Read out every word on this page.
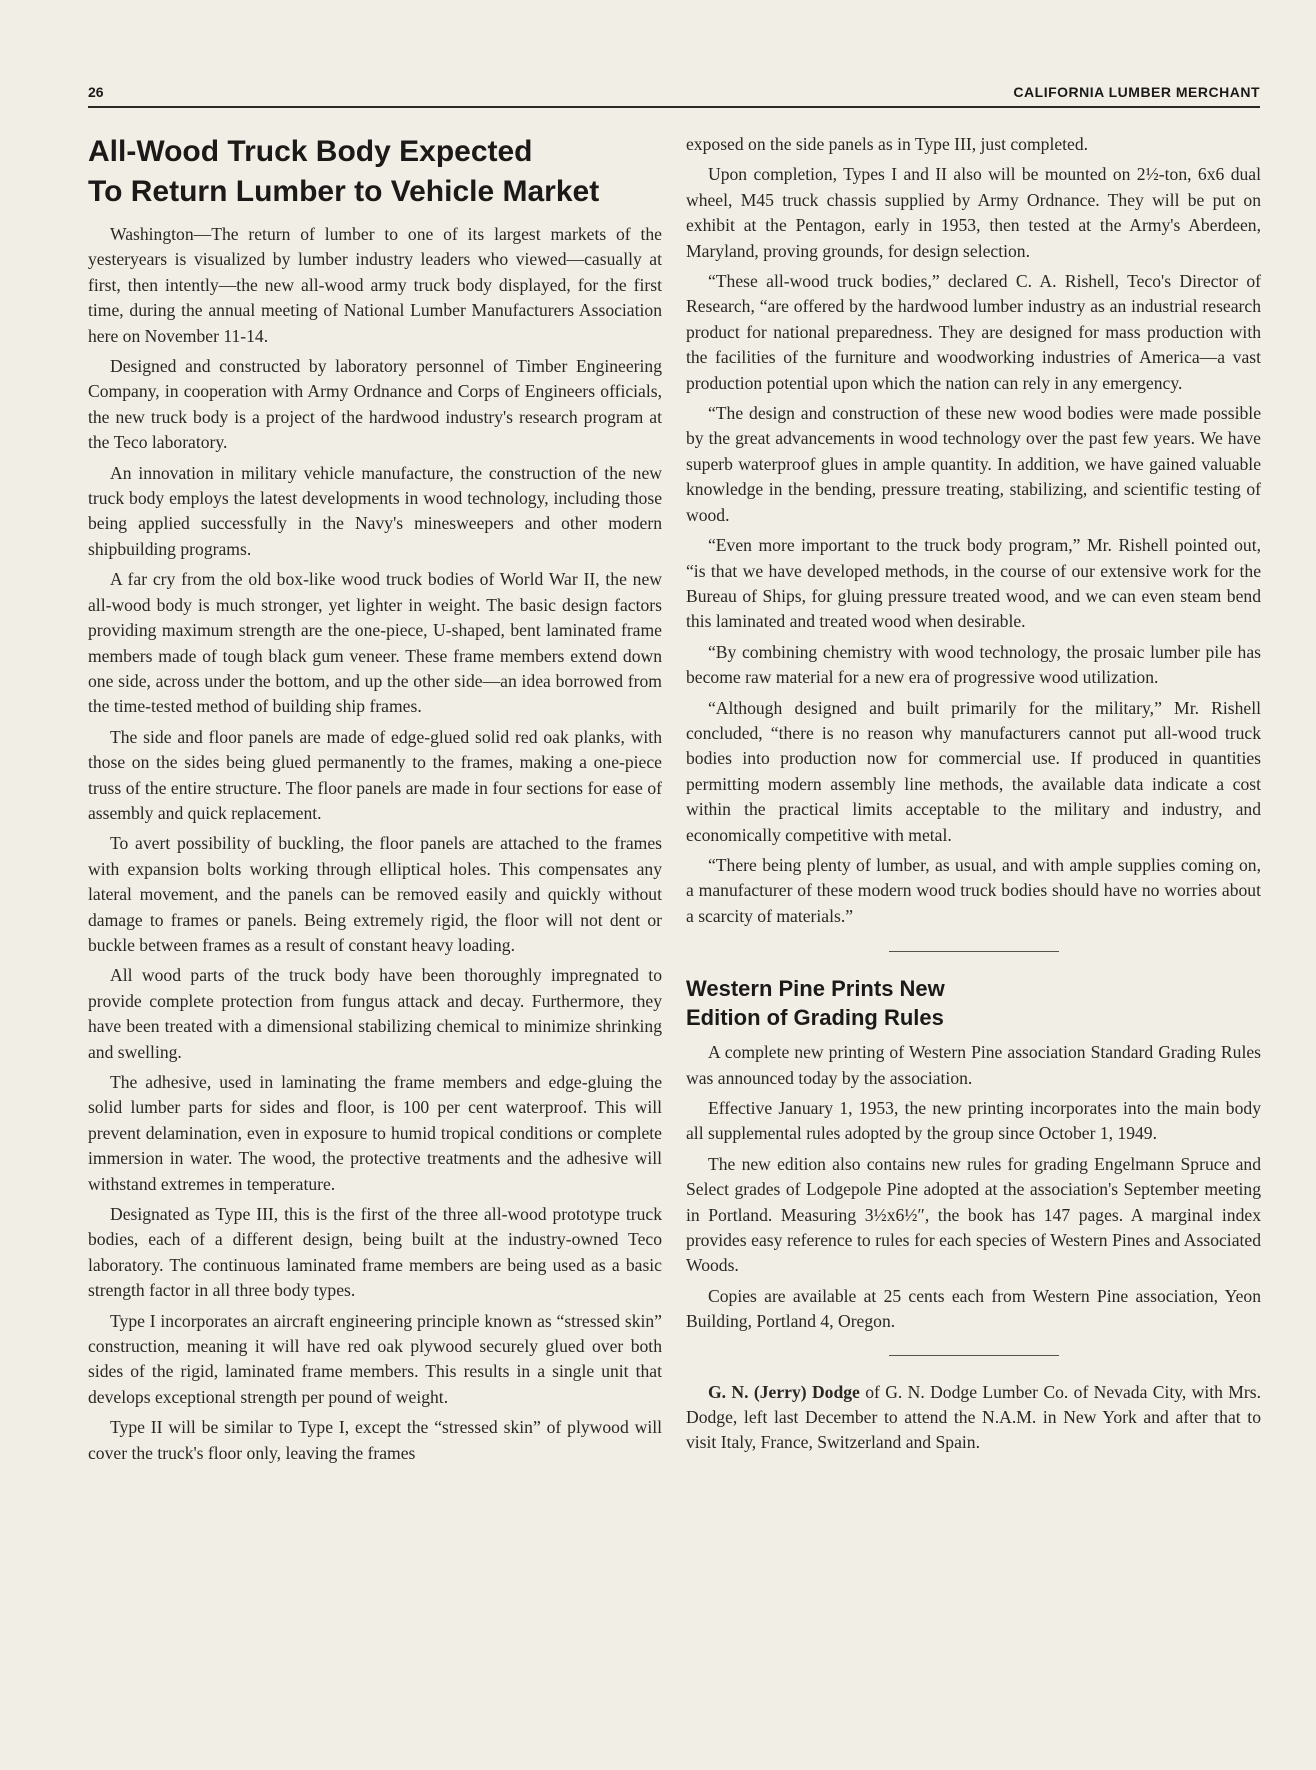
26	CALIFORNIA LUMBER MERCHANT
All-Wood Truck Body Expected
To Return Lumber to Vehicle Market

Washington—The return of lumber to one of its largest markets of the yesteryears is visualized by lumber industry leaders who viewed—casually at first, then intently—the new all-wood army truck body displayed, for the first time, during the annual meeting of National Lumber Manufacturers Association here on November 11-14.

Designed and constructed by laboratory personnel of Timber Engineering Company, in cooperation with Army Ordnance and Corps of Engineers officials, the new truck body is a project of the hardwood industry's research program at the Teco laboratory.

An innovation in military vehicle manufacture, the construction of the new truck body employs the latest developments in wood technology, including those being applied successfully in the Navy's minesweepers and other modern shipbuilding programs.

A far cry from the old box-like wood truck bodies of World War II, the new all-wood body is much stronger, yet lighter in weight. The basic design factors providing maximum strength are the one-piece, U-shaped, bent laminated frame members made of tough black gum veneer. These frame members extend down one side, across under the bottom, and up the other side—an idea borrowed from the time-tested method of building ship frames.

The side and floor panels are made of edge-glued solid red oak planks, with those on the sides being glued permanently to the frames, making a one-piece truss of the entire structure. The floor panels are made in four sections for ease of assembly and quick replacement.

To avert possibility of buckling, the floor panels are attached to the frames with expansion bolts working through elliptical holes. This compensates any lateral movement, and the panels can be removed easily and quickly without damage to frames or panels. Being extremely rigid, the floor will not dent or buckle between frames as a result of constant heavy loading.

All wood parts of the truck body have been thoroughly impregnated to provide complete protection from fungus attack and decay. Furthermore, they have been treated with a dimensional stabilizing chemical to minimize shrinking and swelling.

The adhesive, used in laminating the frame members and edge-gluing the solid lumber parts for sides and floor, is 100 per cent waterproof. This will prevent delamination, even in exposure to humid tropical conditions or complete immersion in water. The wood, the protective treatments and the adhesive will withstand extremes in temperature.

Designated as Type III, this is the first of the three all-wood prototype truck bodies, each of a different design, being built at the industry-owned Teco laboratory. The continuous laminated frame members are being used as a basic strength factor in all three body types.

Type I incorporates an aircraft engineering principle known as “stressed skin” construction, meaning it will have red oak plywood securely glued over both sides of the rigid, laminated frame members. This results in a single unit that develops exceptional strength per pound of weight.

Type II will be similar to Type I, except the “stressed skin” of plywood will cover the truck's floor only, leaving the frames

exposed on the side panels as in Type III, just completed.

Upon completion, Types I and II also will be mounted on 2½-ton, 6x6 dual wheel, M45 truck chassis supplied by Army Ordnance. They will be put on exhibit at the Pentagon, early in 1953, then tested at the Army's Aberdeen, Maryland, proving grounds, for design selection.

“These all-wood truck bodies,” declared C. A. Rishell, Teco's Director of Research, “are offered by the hardwood lumber industry as an industrial research product for national preparedness. They are designed for mass production with the facilities of the furniture and woodworking industries of America—a vast production potential upon which the nation can rely in any emergency.

“The design and construction of these new wood bodies were made possible by the great advancements in wood technology over the past few years. We have superb waterproof glues in ample quantity. In addition, we have gained valuable knowledge in the bending, pressure treating, stabilizing, and scientific testing of wood.

“Even more important to the truck body program,” Mr. Rishell pointed out, “is that we have developed methods, in the course of our extensive work for the Bureau of Ships, for gluing pressure treated wood, and we can even steam bend this laminated and treated wood when desirable.

“By combining chemistry with wood technology, the prosaic lumber pile has become raw material for a new era of progressive wood utilization.

“Although designed and built primarily for the military,” Mr. Rishell concluded, “there is no reason why manufacturers cannot put all-wood truck bodies into production now for commercial use. If produced in quantities permitting modern assembly line methods, the available data indicate a cost within the practical limits acceptable to the military and industry, and economically competitive with metal.

“There being plenty of lumber, as usual, and with ample supplies coming on, a manufacturer of these modern wood truck bodies should have no worries about a scarcity of materials.”

Western Pine Prints New
Edition of Grading Rules

A complete new printing of Western Pine association Standard Grading Rules was announced today by the association.

Effective January 1, 1953, the new printing incorporates into the main body all supplemental rules adopted by the group since October 1, 1949.

The new edition also contains new rules for grading Engelmann Spruce and Select grades of Lodgepole Pine adopted at the association's September meeting in Portland. Measuring 3½x6½″, the book has 147 pages. A marginal index provides easy reference to rules for each species of Western Pines and Associated Woods.

Copies are available at 25 cents each from Western Pine association, Yeon Building, Portland 4, Oregon.

G. N. (Jerry) Dodge of G. N. Dodge Lumber Co. of Nevada City, with Mrs. Dodge, left last December to attend the N.A.M. in New York and after that to visit Italy, France, Switzerland and Spain.
